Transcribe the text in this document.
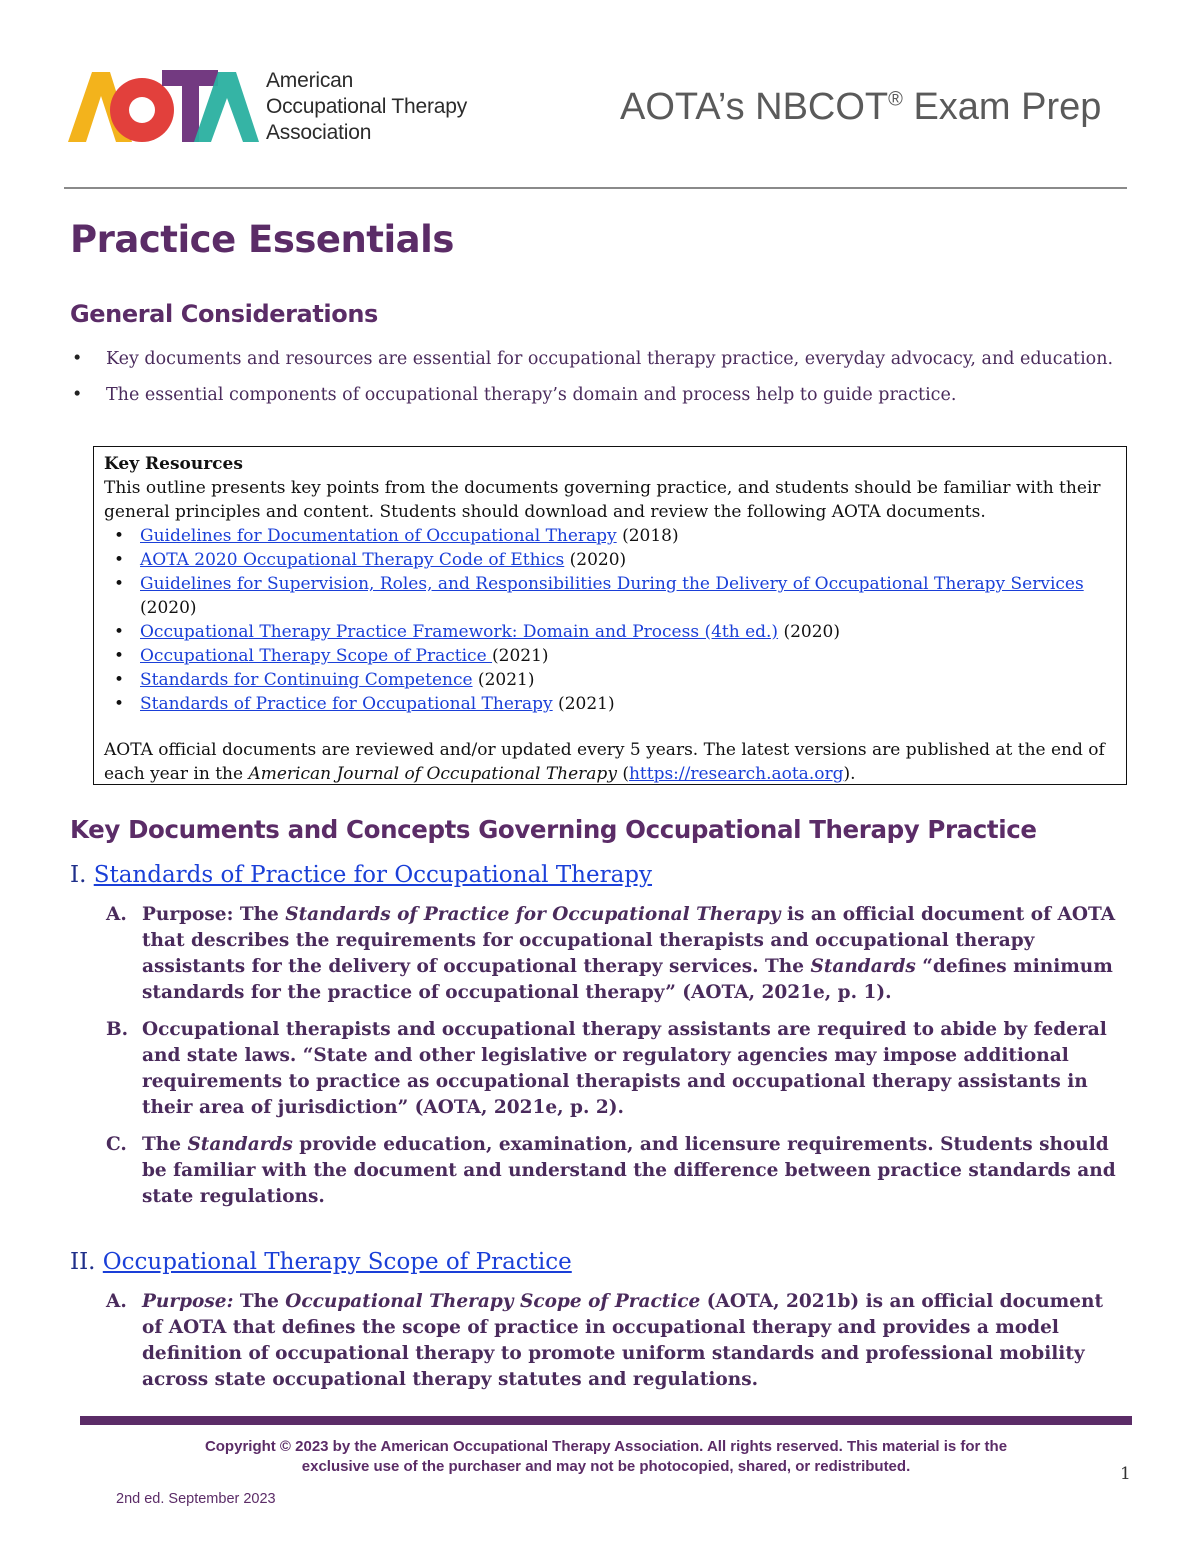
American
Occupational Therapy
Association
AOTA’s NBCOT® Exam Prep
Practice Essentials
General Considerations
• Key documents and resources are essential for occupational therapy practice, everyday advocacy, and education.
• The essential components of occupational therapy’s domain and process help to guide practice.
Key Resources
This outline presents key points from the documents governing practice, and students should be familiar with their general principles and content. Students should download and review the following AOTA documents.
• Guidelines for Documentation of Occupational Therapy (2018)
• AOTA 2020 Occupational Therapy Code of Ethics (2020)
• Guidelines for Supervision, Roles, and Responsibilities During the Delivery of Occupational Therapy Services (2020)
• Occupational Therapy Practice Framework: Domain and Process (4th ed.) (2020)
• Occupational Therapy Scope of Practice (2021)
• Standards for Continuing Competence (2021)
• Standards of Practice for Occupational Therapy (2021)
AOTA official documents are reviewed and/or updated every 5 years. The latest versions are published at the end of each year in the American Journal of Occupational Therapy (https://research.aota.org).
Key Documents and Concepts Governing Occupational Therapy Practice
I. Standards of Practice for Occupational Therapy
A. Purpose: The Standards of Practice for Occupational Therapy is an official document of AOTA that describes the requirements for occupational therapists and occupational therapy assistants for the delivery of occupational therapy services. The Standards “defines minimum standards for the practice of occupational therapy” (AOTA, 2021e, p. 1).
B. Occupational therapists and occupational therapy assistants are required to abide by federal and state laws. “State and other legislative or regulatory agencies may impose additional requirements to practice as occupational therapists and occupational therapy assistants in their area of jurisdiction” (AOTA, 2021e, p. 2).
C. The Standards provide education, examination, and licensure requirements. Students should be familiar with the document and understand the difference between practice standards and state regulations.
II. Occupational Therapy Scope of Practice
A. Purpose: The Occupational Therapy Scope of Practice (AOTA, 2021b) is an official document of AOTA that defines the scope of practice in occupational therapy and provides a model definition of occupational therapy to promote uniform standards and professional mobility across state occupational therapy statutes and regulations.
Copyright © 2023 by the American Occupational Therapy Association. All rights reserved. This material is for the
exclusive use of the purchaser and may not be photocopied, shared, or redistributed.	1
2nd ed. September 2023
